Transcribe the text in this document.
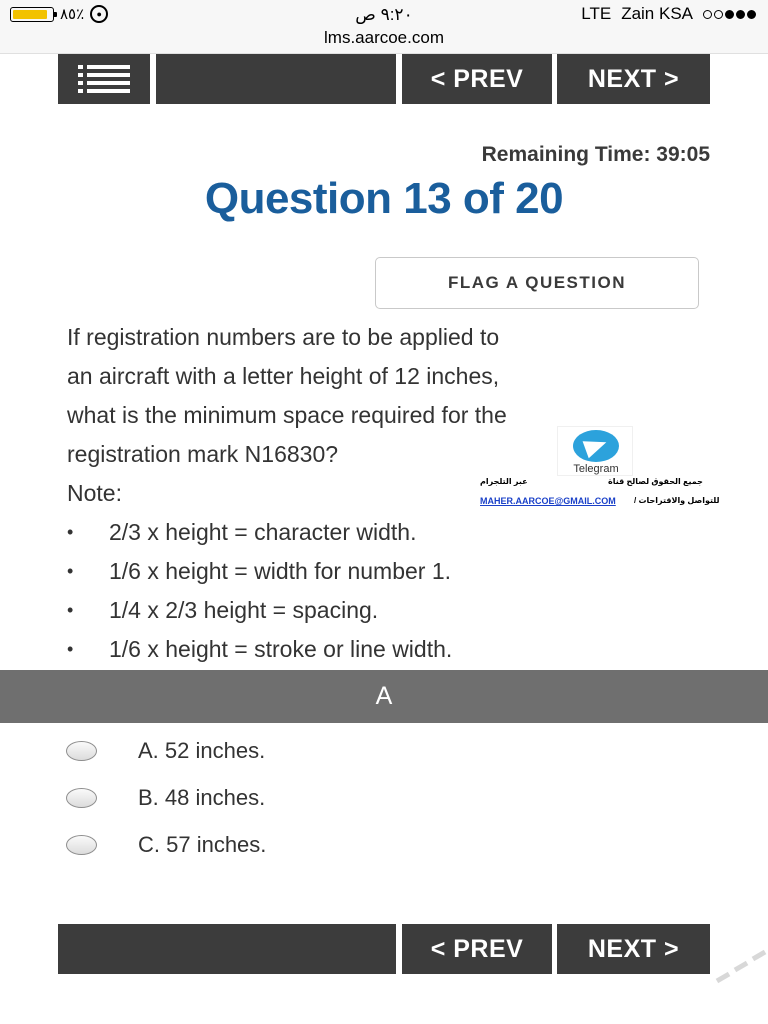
٨٥٪	●	٩:٢٠ ص	LTE Zain KSA
lms.aarcoe.com
< PREV	NEXT >
Remaining Time: 39:05
Question 13 of 20
FLAG A QUESTION
If registration numbers are to be applied to
an aircraft with a letter height of 12 inches,
what is the minimum space required for the
registration mark N16830?
Note:
• 2/3 x height = character width.
• 1/6 x height = width for number 1.
• 1/4 x 2/3 height = spacing.
• 1/6 x height = stroke or line width.
Telegram
عبر التلجرام	جميع الحقوق لصالح قناة
MAHER.AARCOE@GMAIL.COM / للتواصل والاقتراحات
A
A. 52 inches.
B. 48 inches.
C. 57 inches.
< PREV	NEXT >
